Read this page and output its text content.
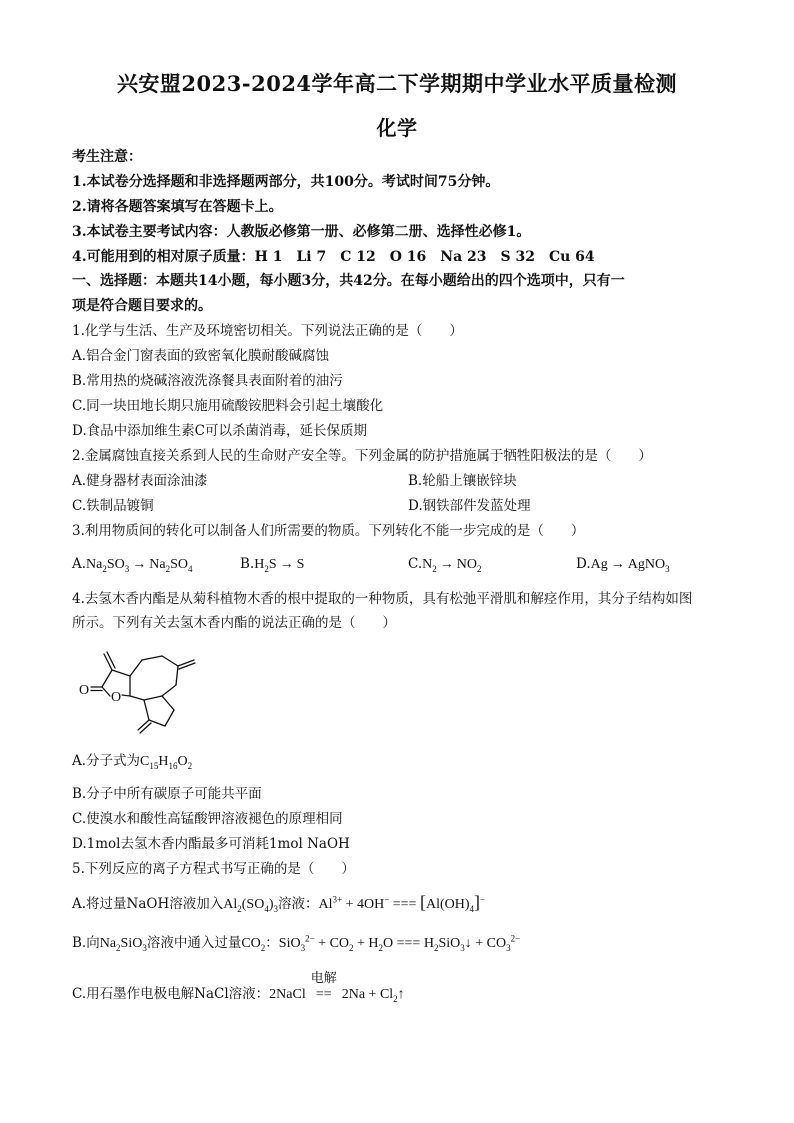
兴安盟2023-2024学年高二下学期期中学业水平质量检测
化学
考生注意：
1.本试卷分选择题和非选择题两部分，共100分。考试时间75分钟。
2.请将各题答案填写在答题卡上。
3.本试卷主要考试内容：人教版必修第一册、必修第二册、选择性必修1。
4.可能用到的相对原子质量：H 1　Li 7　C 12　O 16　Na 23　S 32　Cu 64
一、选择题：本题共14小题，每小题3分，共42分。在每小题给出的四个选项中，只有一
项是符合题目要求的。
1.化学与生活、生产及环境密切相关。下列说法正确的是（　　）
A.铝合金门窗表面的致密氧化膜耐酸碱腐蚀
B.常用热的烧碱溶液洗涤餐具表面附着的油污
C.同一块田地长期只施用硫酸铵肥料会引起土壤酸化
D.食品中添加维生素C可以杀菌消毒，延长保质期
2.金属腐蚀直接关系到人民的生命财产安全等。下列金属的防护措施属于牺牲阳极法的是（　　）
A.健身器材表面涂油漆	B.轮船上镶嵌锌块
C.铁制品镀铜	D.钢铁部件发蓝处理
3.利用物质间的转化可以制备人们所需要的物质。下列转化不能一步完成的是（　　）
$A.Na_2SO_3 \to Na_2SO_4$	$B.H_2S \to S$	$C.N_2 \to NO_2$	D.Ag → AgNO$_3$
4.去氢木香内酯是从菊科植物木香的根中提取的一种物质，具有松弛平滑肌和解痉作用，其分子结构如图
所示。下列有关去氢木香内酯的说法正确的是（　　）
O O
A.分子式为$C_{15}H_{16}O_2$
B.分子中所有碳原子可能共平面
C.使溴水和酸性高锰酸钾溶液褪色的原理相同
D.1mol去氢木香内酯最多可消耗1mol NaOH
5.下列反应的离子方程式书写正确的是（　　）
A.将过量NaOH溶液加入$Al_2(SO_4)_3$溶液：$Al^{3+} + 4OH^-$ === $[Al(OH)_4]^-$
B.向$Na_2SiO_3$溶液中通入过量$CO_2$：$SiO_3^{2-} + CO_2 + H_2O$ === $H_2SiO_3↓ + CO_3^{2-}$
C.用石墨作电极电解NaCl溶液：2NaCl
电解
== $2Na + Cl_2↑$
